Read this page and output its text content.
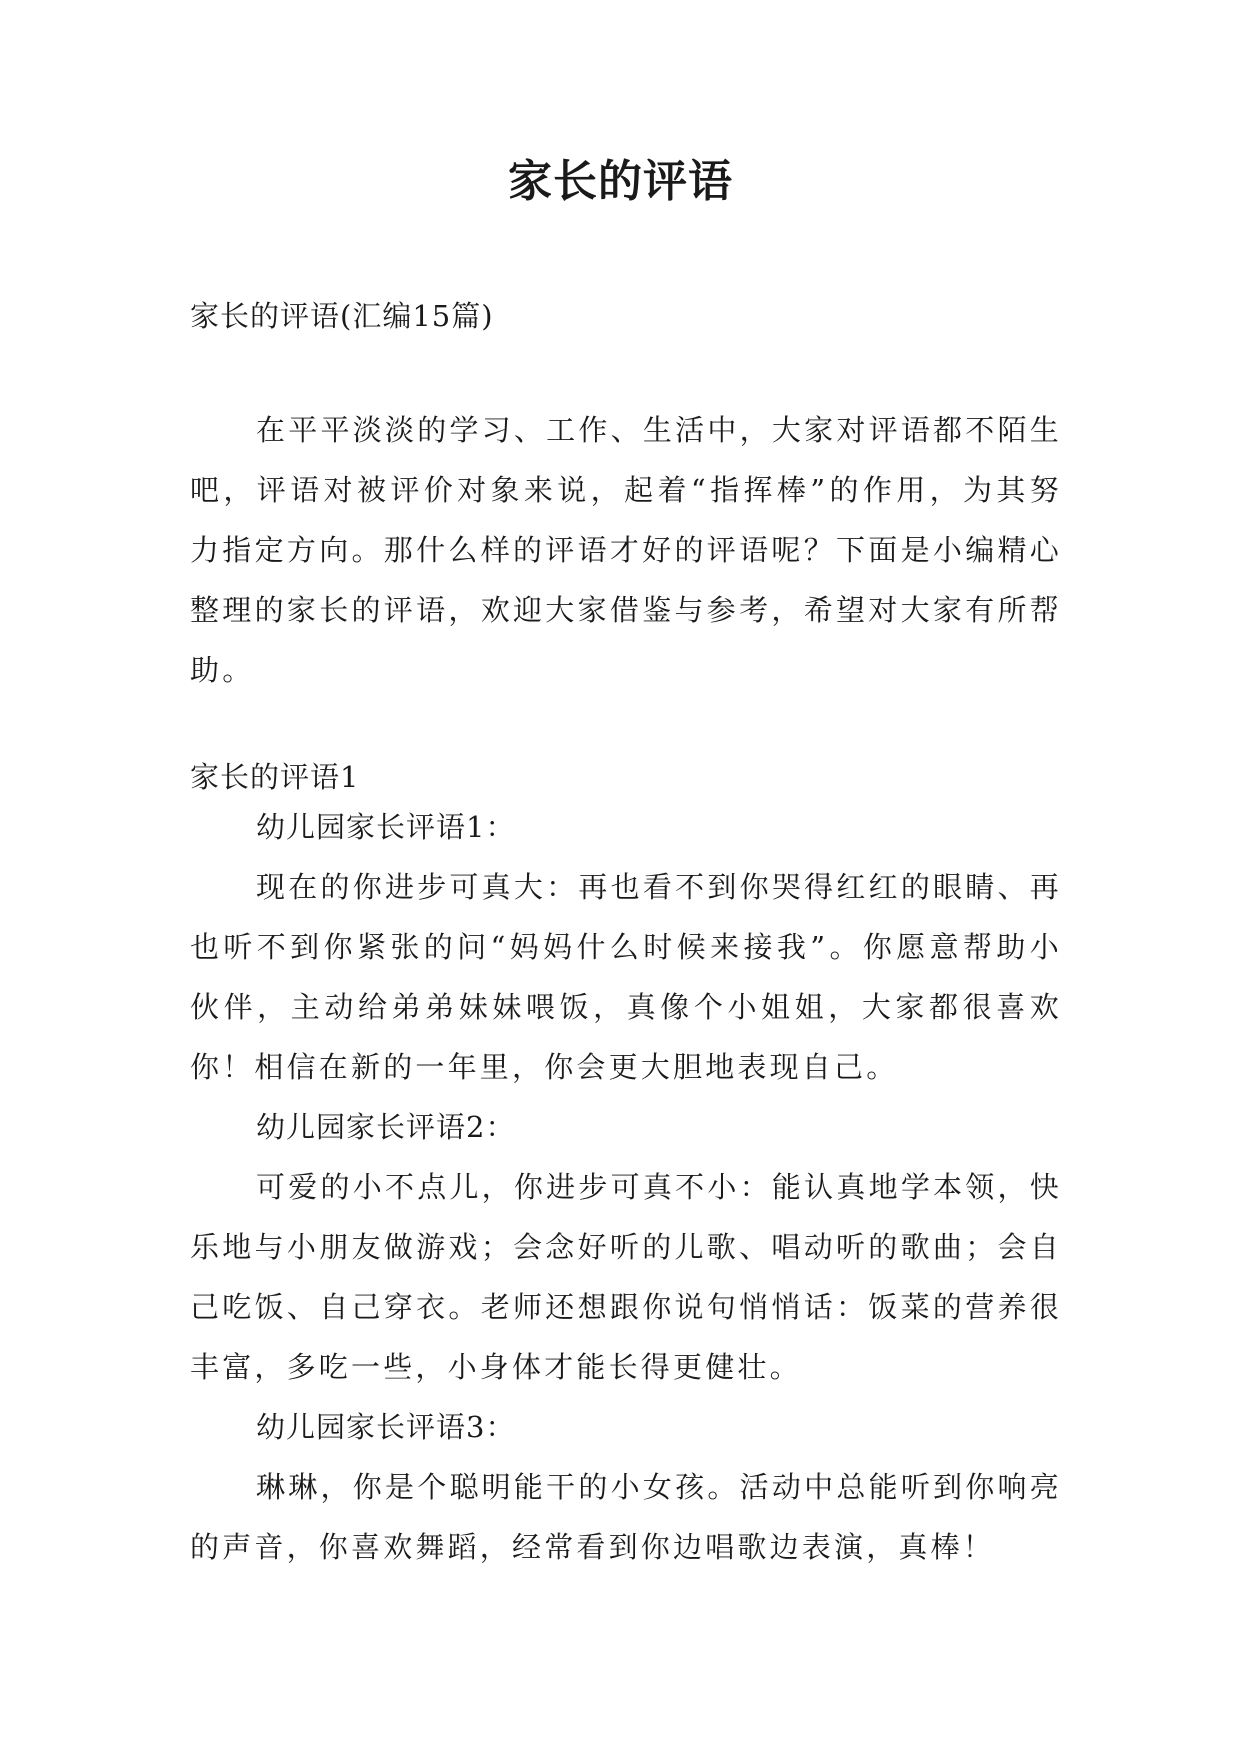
家长的评语

家长的评语(汇编15篇)

在平平淡淡的学习、工作、生活中，大家对评语都不陌生吧，评语对被评价对象来说，起着“指挥棒”的作用，为其努力指定方向。那什么样的评语才好的评语呢？下面是小编精心整理的家长的评语，欢迎大家借鉴与参考，希望对大家有所帮助。

家长的评语1

幼儿园家长评语1：

现在的你进步可真大：再也看不到你哭得红红的眼睛、再也听不到你紧张的问“妈妈什么时候来接我”。你愿意帮助小伙伴，主动给弟弟妹妹喂饭，真像个小姐姐，大家都很喜欢你！相信在新的一年里，你会更大胆地表现自己。

幼儿园家长评语2：

可爱的小不点儿，你进步可真不小：能认真地学本领，快乐地与小朋友做游戏；会念好听的儿歌、唱动听的歌曲；会自己吃饭、自己穿衣。老师还想跟你说句悄悄话：饭菜的营养很丰富，多吃一些，小身体才能长得更健壮。

幼儿园家长评语3：

琳琳，你是个聪明能干的小女孩。活动中总能听到你响亮的声音，你喜欢舞蹈，经常看到你边唱歌边表演，真棒！
